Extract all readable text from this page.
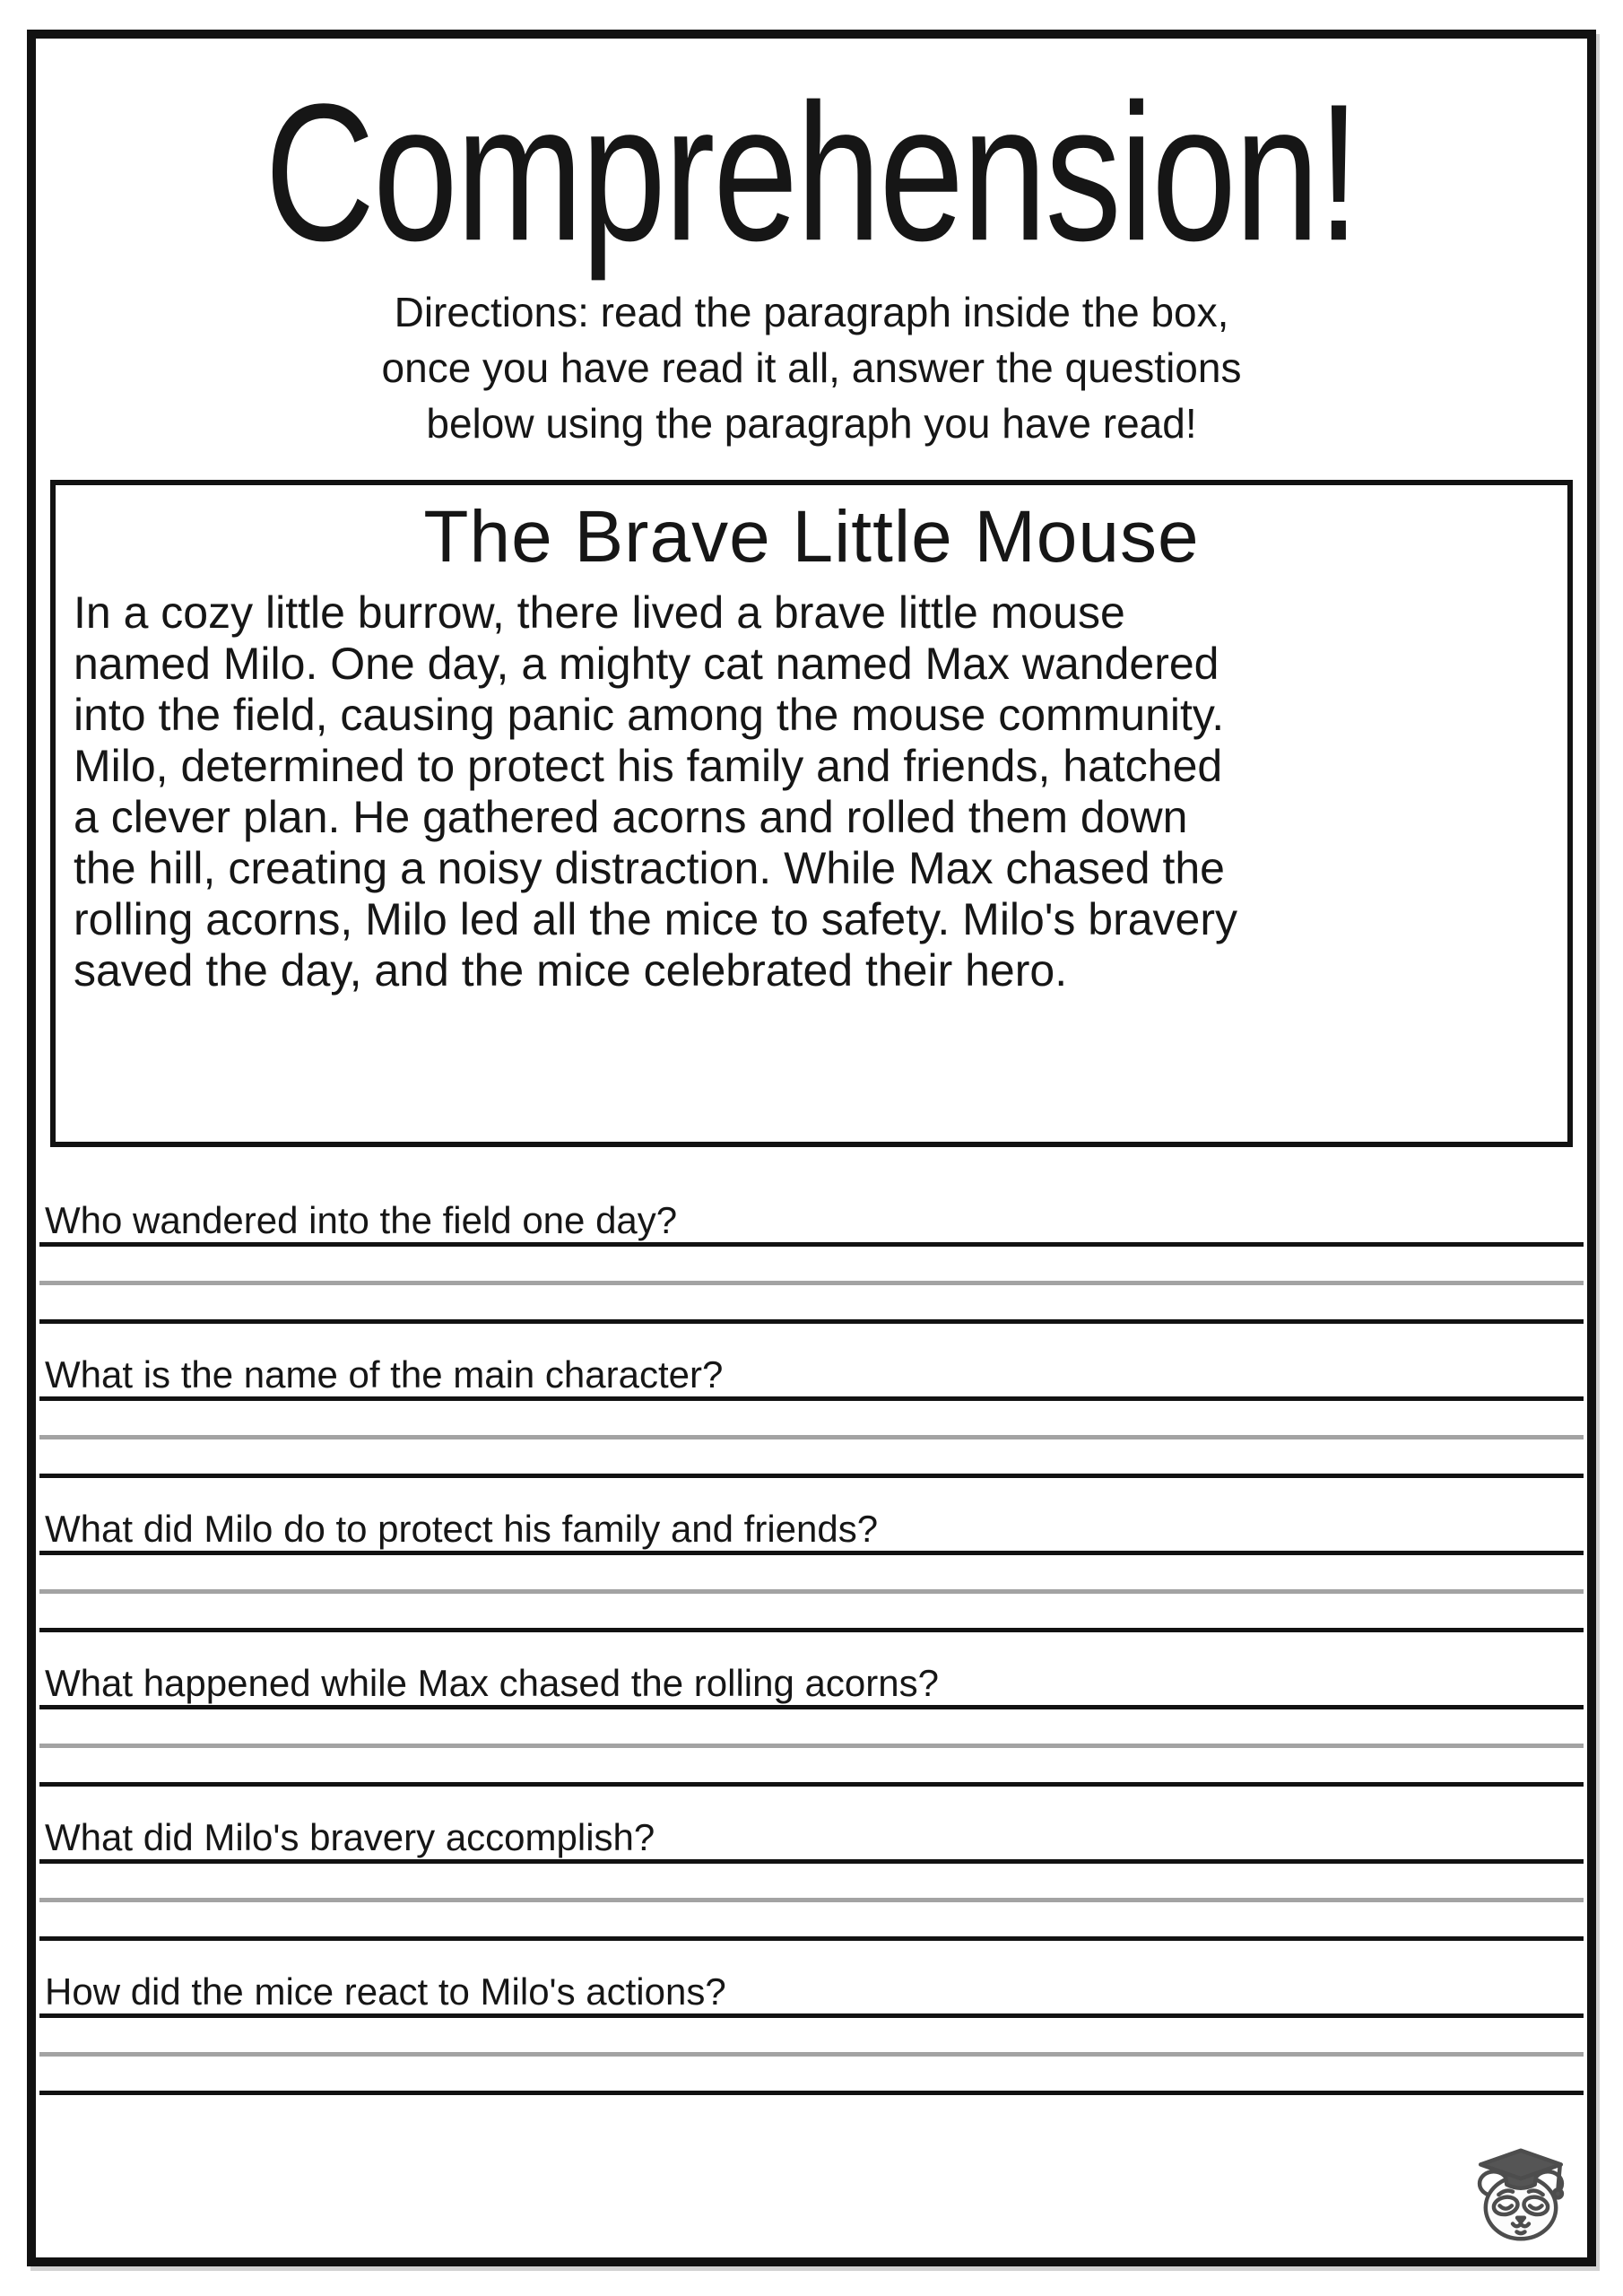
Comprehension!
Directions: read the paragraph inside the box,
once you have read it all, answer the questions
below using the paragraph you have read!
The Brave Little Mouse
In a cozy little burrow, there lived a brave little mouse
named Milo. One day, a mighty cat named Max wandered
into the field, causing panic among the mouse community.
Milo, determined to protect his family and friends, hatched
a clever plan. He gathered acorns and rolled them down
the hill, creating a noisy distraction. While Max chased the
rolling acorns, Milo led all the mice to safety. Milo's bravery
saved the day, and the mice celebrated their hero.
Who wandered into the field one day?
What is the name of the main character?
What did Milo do to protect his family and friends?
What happened while Max chased the rolling acorns?
What did Milo's bravery accomplish?
How did the mice react to Milo's actions?
